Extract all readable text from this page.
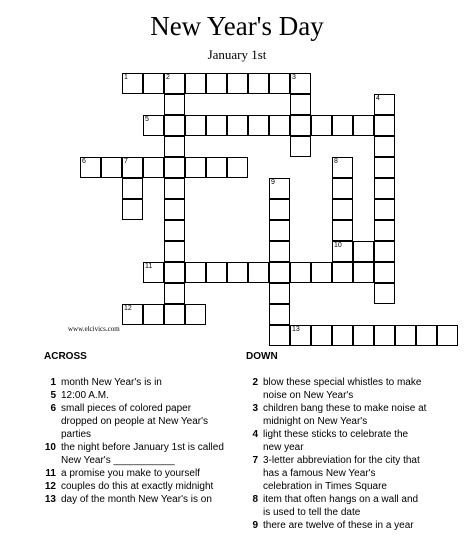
New Year's Day
January 1st
1	2	3
4
5
6	7	8
9
10
11
12
13
www.elcivics.com
ACROSS	DOWN
1 month New Year's is in
5 12:00 A.M.
6 small pieces of colored paper
dropped on people at New Year's
parties
10 the night before January 1st is called
New Year's ___________
11 a promise you make to yourself
12 couples do this at exactly midnight
13 day of the month New Year's is on
2 blow these special whistles to make
noise on New Year's
3 children bang these to make noise at
midnight on New Year's
4 light these sticks to celebrate the
new year
7 3-letter abbreviation for the city that
has a famous New Year's
celebration in Times Square
8 item that often hangs on a wall and
is used to tell the date
9 there are twelve of these in a year
